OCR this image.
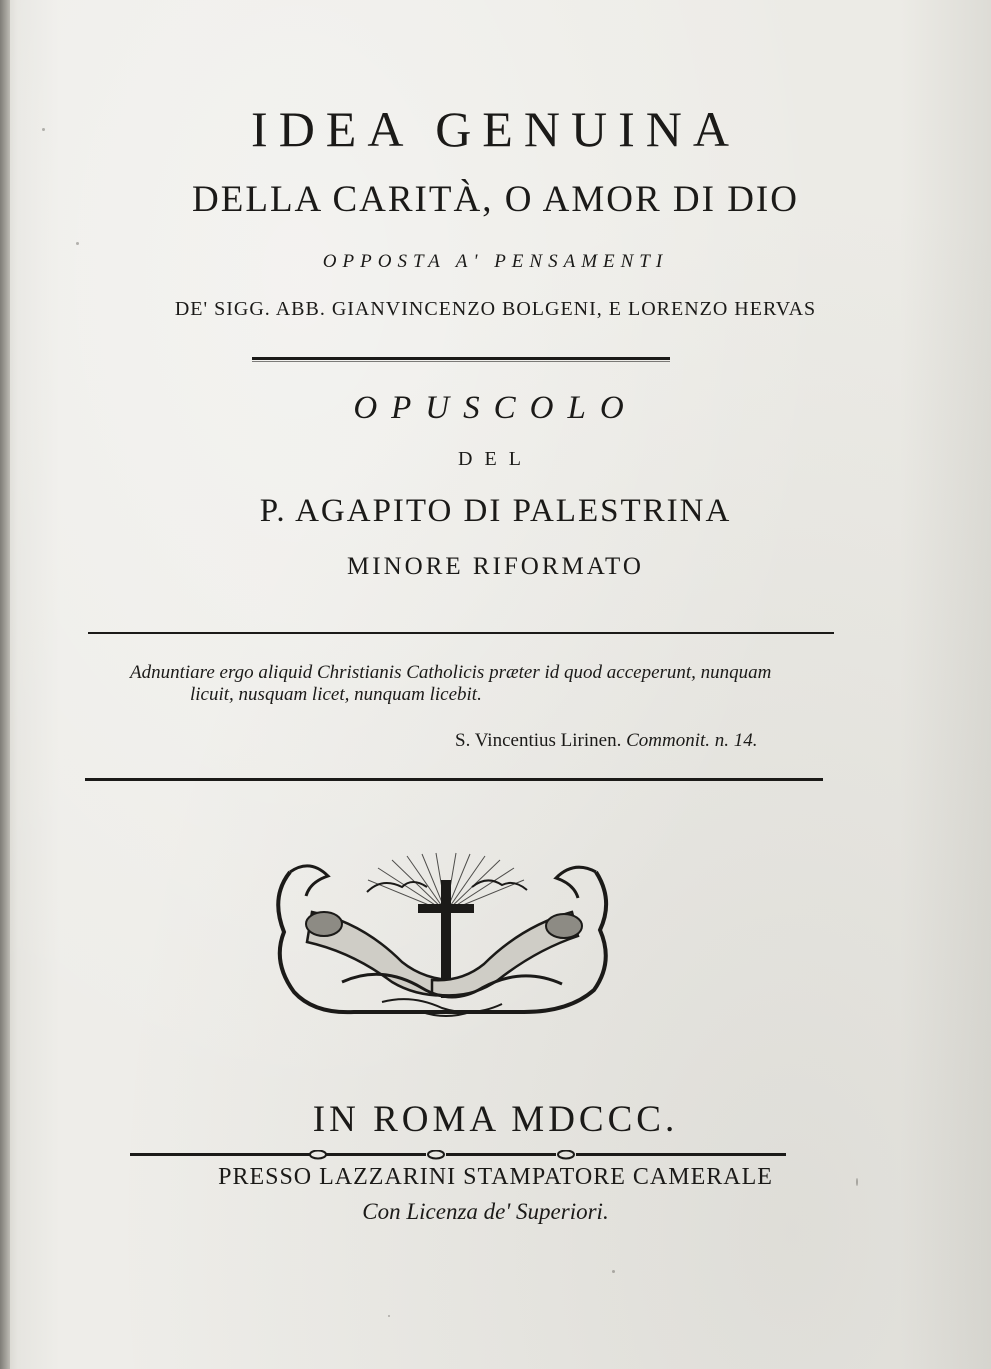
IDEA GENUINA
DELLA CARITÀ, O AMOR DI DIO
OPPOSTA A' PENSAMENTI
DE' SIGG. ABB. GIANVINCENZO BOLGENI, E LORENZO HERVAS
OPUSCOLO
DEL
P. AGAPITO DI PALESTRINA
MINORE RIFORMATO
Adnuntiare ergo aliquid Christianis Catholicis præter id quod acceperunt, nunquam
licuit, nusquam licet, nunquam licebit.
S. Vincentius Lirinen. Commonit. n. 14.
IN ROMA MDCCC.
PRESSO LAZZARINI STAMPATORE CAMERALE
Con Licenza de' Superiori.
